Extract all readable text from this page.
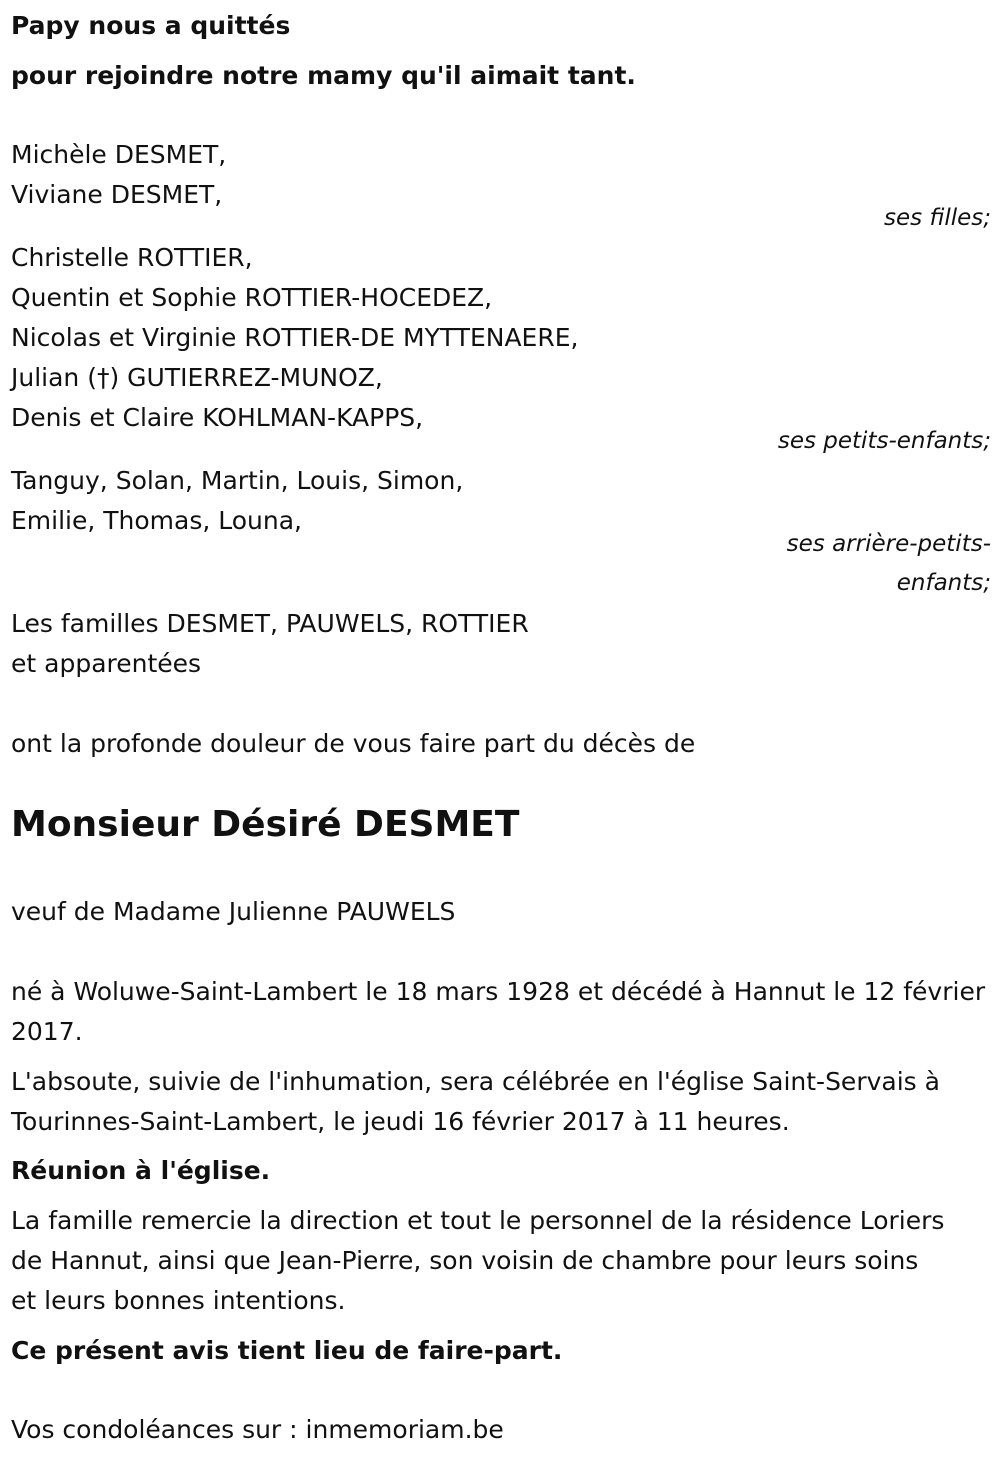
Papy nous a quittés
pour rejoindre notre mamy qu'il aimait tant.
Michèle DESMET,
Viviane DESMET,
ses filles;
Christelle ROTTIER,
Quentin et Sophie ROTTIER-HOCEDEZ,
Nicolas et Virginie ROTTIER-DE MYTTENAERE,
Julian (†) GUTIERREZ-MUNOZ,
Denis et Claire KOHLMAN-KAPPS,
ses petits-enfants;
Tanguy, Solan, Martin, Louis, Simon,
Emilie, Thomas, Louna,
ses arrière-petits-
enfants;
Les familles DESMET, PAUWELS, ROTTIER
et apparentées
ont la profonde douleur de vous faire part du décès de
Monsieur Désiré DESMET
veuf de Madame Julienne PAUWELS
né à Woluwe-Saint-Lambert le 18 mars 1928 et décédé à Hannut le 12 février 2017.
L'absoute, suivie de l'inhumation, sera célébrée en l'église Saint-Servais à Tourinnes-Saint-Lambert, le jeudi 16 février 2017 à 11 heures.
Réunion à l'église.
La famille remercie la direction et tout le personnel de la résidence Loriers de Hannut, ainsi que Jean-Pierre, son voisin de chambre pour leurs soins et leurs bonnes intentions.
Ce présent avis tient lieu de faire-part.
Vos condoléances sur : inmemoriam.be
